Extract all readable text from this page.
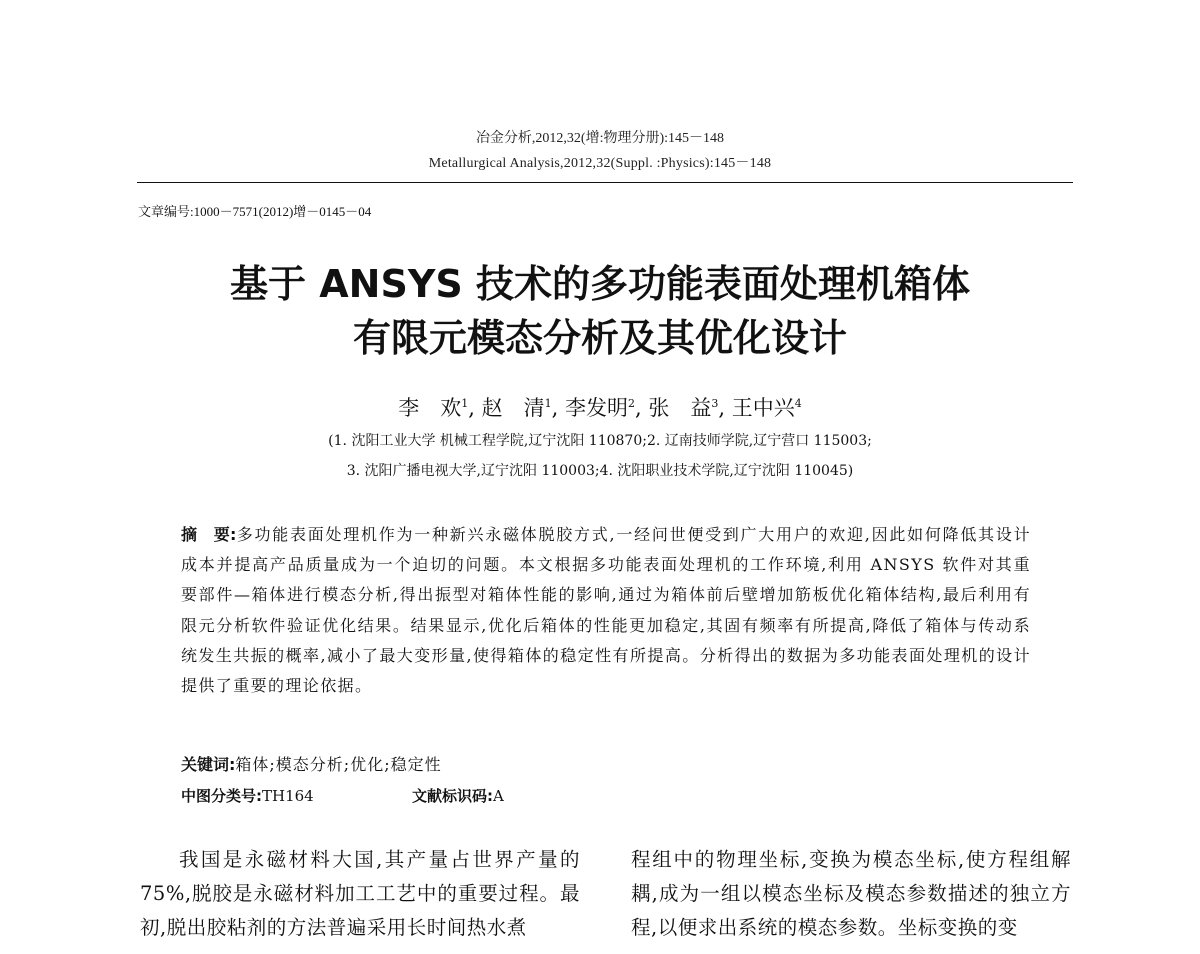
冶金分析,2012,32(增:物理分册):145－148
Metallurgical Analysis,2012,32(Suppl. :Physics):145－148
文章编号:1000－7571(2012)增－0145－04
基于 ANSYS 技术的多功能表面处理机箱体
有限元模态分析及其优化设计
李　欢$^1$, 赵　清$^1$, 李发明$^2$, 张　益$^3$, 王中兴$^4$
(1. 沈阳工业大学 机械工程学院,辽宁沈阳 110870;2. 辽南技师学院,辽宁营口 115003;
3. 沈阳广播电视大学,辽宁沈阳 110003;4. 沈阳职业技术学院,辽宁沈阳 110045)
摘　要:多功能表面处理机作为一种新兴永磁体脱胶方式,一经问世便受到广大用户的欢迎,因此如何降低其设计成本并提高产品质量成为一个迫切的问题。本文根据多功能表面处理机的工作环境,利用 ANSYS 软件对其重要部件—箱体进行模态分析,得出振型对箱体性能的影响,通过为箱体前后壁增加筋板优化箱体结构,最后利用有限元分析软件验证优化结果。结果显示,优化后箱体的性能更加稳定,其固有频率有所提高,降低了箱体与传动系统发生共振的概率,减小了最大变形量,使得箱体的稳定性有所提高。分析得出的数据为多功能表面处理机的设计提供了重要的理论依据。
关键词:箱体;模态分析;优化;稳定性
中图分类号:TH164	文献标识码:A
我国是永磁材料大国,其产量占世界产量的75%,脱胶是永磁材料加工工艺中的重要过程。最初,脱出胶粘剂的方法普遍采用长时间热水煮
程组中的物理坐标,变换为模态坐标,使方程组解耦,成为一组以模态坐标及模态参数描述的独立方程,以便求出系统的模态参数。坐标变换的变
